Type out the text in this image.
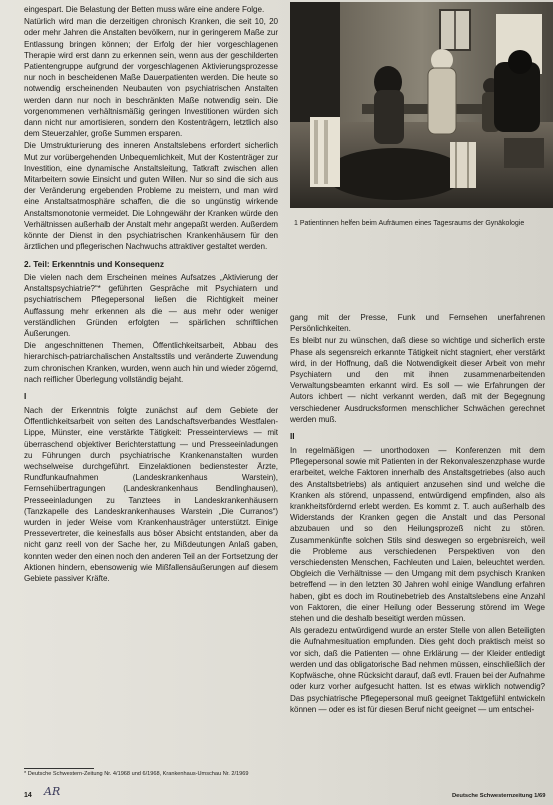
eingespart. Die Belastung der Betten muss wäre eine andere Folge.

Natürlich wird man die derzeitigen chronisch Kranken, die seit 10, 20 oder mehr Jahren die Anstalten bevölkern, nur in geringerem Maße zur Entlassung bringen können; der Erfolg der hier vorgeschlagenen Therapie wird erst dann zu erkennen sein, wenn aus der geschilderten Patientengruppe aufgrund der vorgeschlagenen Aktivierungsprozesse nur noch in bescheidenen Maße Dauerpatienten werden. Die heute so notwendig erscheinenden Neubauten von psychiatrischen Anstalten werden dann nur noch in beschränkten Maße notwendig sein. Die vorgenommenen verhältnismäßig geringen Investitionen würden sich dann nicht nur amortisieren, sondern den Kostenträgern, letztlich also dem Steuerzahler, große Summen ersparen.

Die Umstrukturierung des inneren Anstaltslebens erfordert sicherlich Mut zur vorübergehenden Unbequemlichkeit, Mut der Kostenträger zur Investition, eine dynamische Anstaltsleitung, Tatkraft zwischen allen Mitarbeitern sowie Einsicht und guten Willen. Nur so sind die sich aus der Veränderung ergebenden Probleme zu meistern, und man wird eine Anstaltsatmosphäre schaffen, die die so ungünstig wirkende Anstaltsmonotonie vermeidet. Die Lohngewähr der Kranken würde den Verhältnissen außerhalb der Anstalt mehr angepaßt werden. Außerdem könnte der Dienst in den psychiatrischen Krankenhäusern für den ärztlichen und pflegerischen Nachwuchs attraktiver gestaltet werden.

2. Teil: Erkenntnis und Konsequenz

Die vielen nach dem Erscheinen meines Aufsatzes „Aktivierung der Anstaltspsychiatrie?“* geführten Gespräche mit Psychiatern und psychiatrischem Pflegepersonal ließen die Richtigkeit meiner Auffassung mehr erkennen als die — aus mehr oder weniger verständlichen Gründen erfolgten — spärlichen schriftlichen Äußerungen.

Die angeschnittenen Themen, Öffentlichkeitsarbeit, Abbau des hierarchisch-patriarchalischen Anstaltsstils und veränderte Zuwendung zum chronischen Kranken, wurden, wenn auch hin und wieder zögernd, nach reiflicher Überlegung vollständig bejaht.

I

Nach der Erkenntnis folgte zunächst auf dem Gebiete der Öffentlichkeitsarbeit von seiten des Landschaftsverbandes Westfalen-Lippe, Münster, eine verstärkte Tätigkeit: Presseinterviews — mit überraschend objektiver Berichterstattung — und Presseeinladungen zu Führungen durch psychiatrische Krankenanstalten wurden wechselweise durchgeführt. Einzelaktionen bedienstester Ärzte, Rundfunkaufnahmen (Landeskrankenhaus Warstein), Fernsehübertragungen (Landeskrankenhaus Bendlinghausen), Presseeinladungen zu Tanztees in Landeskrankenhäusern (Tanzkapelle des Landeskrankenhauses Warstein „Die Curranos“) wurden in jeder Weise vom Krankenhausträger unterstützt. Einige Pressevertreter, die keinesfalls aus böser Absicht entstanden, aber da nicht ganz reell von der Sache her, zu Mißdeutungen Anlaß gaben, konnten weder den einen noch den anderen Teil an der Fortsetzung der Aktionen hindern, ebensowenig wie Mißfallensäußerungen auf diesem Gebiete passiver Kräfte.

1 Patientinnen helfen beim Aufräumen eines Tagesraums der Gynäkologie

gang mit der Presse, Funk und Fernsehen unerfahrenen Persönlichkeiten.

Es bleibt nur zu wünschen, daß diese so wichtige und sicherlich erste Phase als segensreich erkannte Tätigkeit nicht stagniert, eher verstärkt wird, in der Hoffnung, daß die Notwendigkeit dieser Arbeit von mehr Psychiatern und den mit ihnen zusammenarbeitenden Verwaltungsbeamten erkannt wird. Es soll — wie Erfahrungen der Autors ichbert — nicht verkannt werden, daß mit der Begegnung verschiedener Ausdrucksformen menschlicher Schwächen gerechnet werden muß.

II

In regelmäßigen — unorthodoxen — Konferenzen mit dem Pflegepersonal sowie mit Patienten in der Rekonvaleszenzphase wurde erarbeitet, welche Faktoren innerhalb des Anstaltsgetriebes (also auch des Anstaltsbetriebs) als antiquiert anzusehen sind und welche die Kranken als störend, unpassend, entwürdigend empfinden, also als krankheitsfördernd erlebt werden. Es kommt z. T. auch außerhalb des Widerstands der Kranken gegen die Anstalt und das Personal abzubauen und so den Heilungsprozeß nicht zu stören. Zusammenkünfte solchen Stils sind deswegen so ergebnisreich, weil die Probleme aus verschiedenen Perspektiven von den verschiedensten Menschen, Fachleuten und Laien, beleuchtet werden. Obgleich die Verhältnisse — den Umgang mit dem psychisch Kranken betreffend — in den letzten 30 Jahren wohl einige Wandlung erfahren haben, gibt es doch im Routinebetrieb des Anstaltslebens eine Anzahl von Faktoren, die einer Heilung oder Besserung störend im Wege stehen und die deshalb beseitigt werden müssen.

Als geradezu entwürdigend wurde an erster Stelle von allen Beteiligten die Aufnahmesituation empfunden. Dies geht doch praktisch meist so vor sich, daß die Patienten — ohne Erklärung — der Kleider entledigt werden und das obligatorische Bad nehmen müssen, einschließlich der Kopfwäsche, ohne Rücksicht darauf, daß evtl. Frauen bei der Aufnahme oder kurz vorher aufgesucht hatten. Ist es etwas wirklich notwendig? Das psychiatrische Pflegepersonal muß geeignet Taktgefühl entwickeln können — oder es ist für diesen Beruf nicht geeignet — um entschei-

* Deutsche Schwestern-Zeitung Nr. 4/1968 und 6/1968, Krankenhaus-Umschau Nr. 2/1969

14 AR	Deutsche Schwesternzeitung 1/69
